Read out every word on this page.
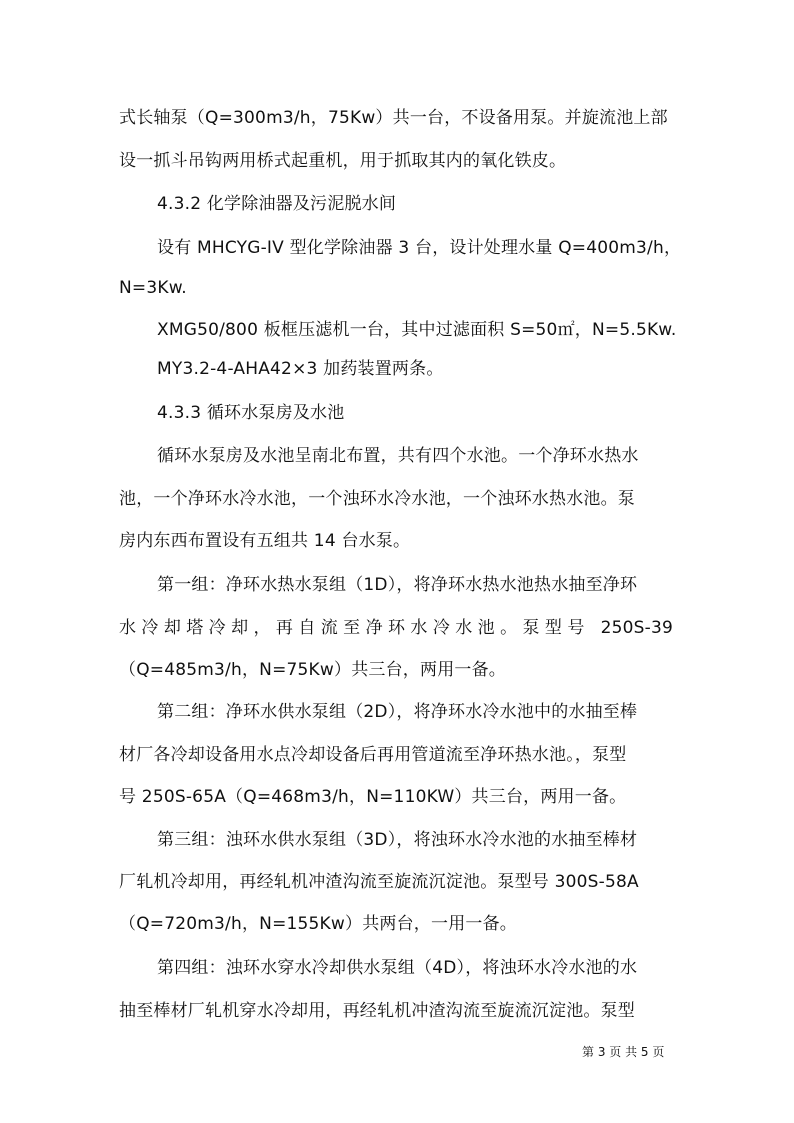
式长轴泵（Q=300m3/h，75Kw）共一台，不设备用泵。并旋流池上部
设一抓斗吊钩两用桥式起重机，用于抓取其内的氧化铁皮。
4.3.2 化学除油器及污泥脱水间
设有 MHCYG-IV 型化学除油器 3 台，设计处理水量 Q=400m3/h，
N=3Kw.
XMG50/800 板框压滤机一台，其中过滤面积 S=50㎡，N=5.5Kw.
MY3.2-4-AHA42×3 加药装置两条。
4.3.3 循环水泵房及水池
循环水泵房及水池呈南北布置，共有四个水池。一个净环水热水
池，一个净环水冷水池，一个浊环水冷水池，一个浊环水热水池。泵
房内东西布置设有五组共 14 台水泵。
第一组：净环水热水泵组（1D），将净环水热水池热水抽至净环
水冷却塔冷却，再自流至净环水冷水池。泵型号 250S-39
（Q=485m3/h，N=75Kw）共三台，两用一备。
第二组：净环水供水泵组（2D），将净环水冷水池中的水抽至棒
材厂各冷却设备用水点冷却设备后再用管道流至净环热水池。，泵型
号 250S-65A（Q=468m3/h，N=110KW）共三台，两用一备。
第三组：浊环水供水泵组（3D），将浊环水冷水池的水抽至棒材
厂轧机冷却用，再经轧机冲渣沟流至旋流沉淀池。泵型号 300S-58A
（Q=720m3/h，N=155Kw）共两台，一用一备。
第四组：浊环水穿水冷却供水泵组（4D），将浊环水冷水池的水
抽至棒材厂轧机穿水冷却用，再经轧机冲渣沟流至旋流沉淀池。泵型
第 3 页 共 5 页
